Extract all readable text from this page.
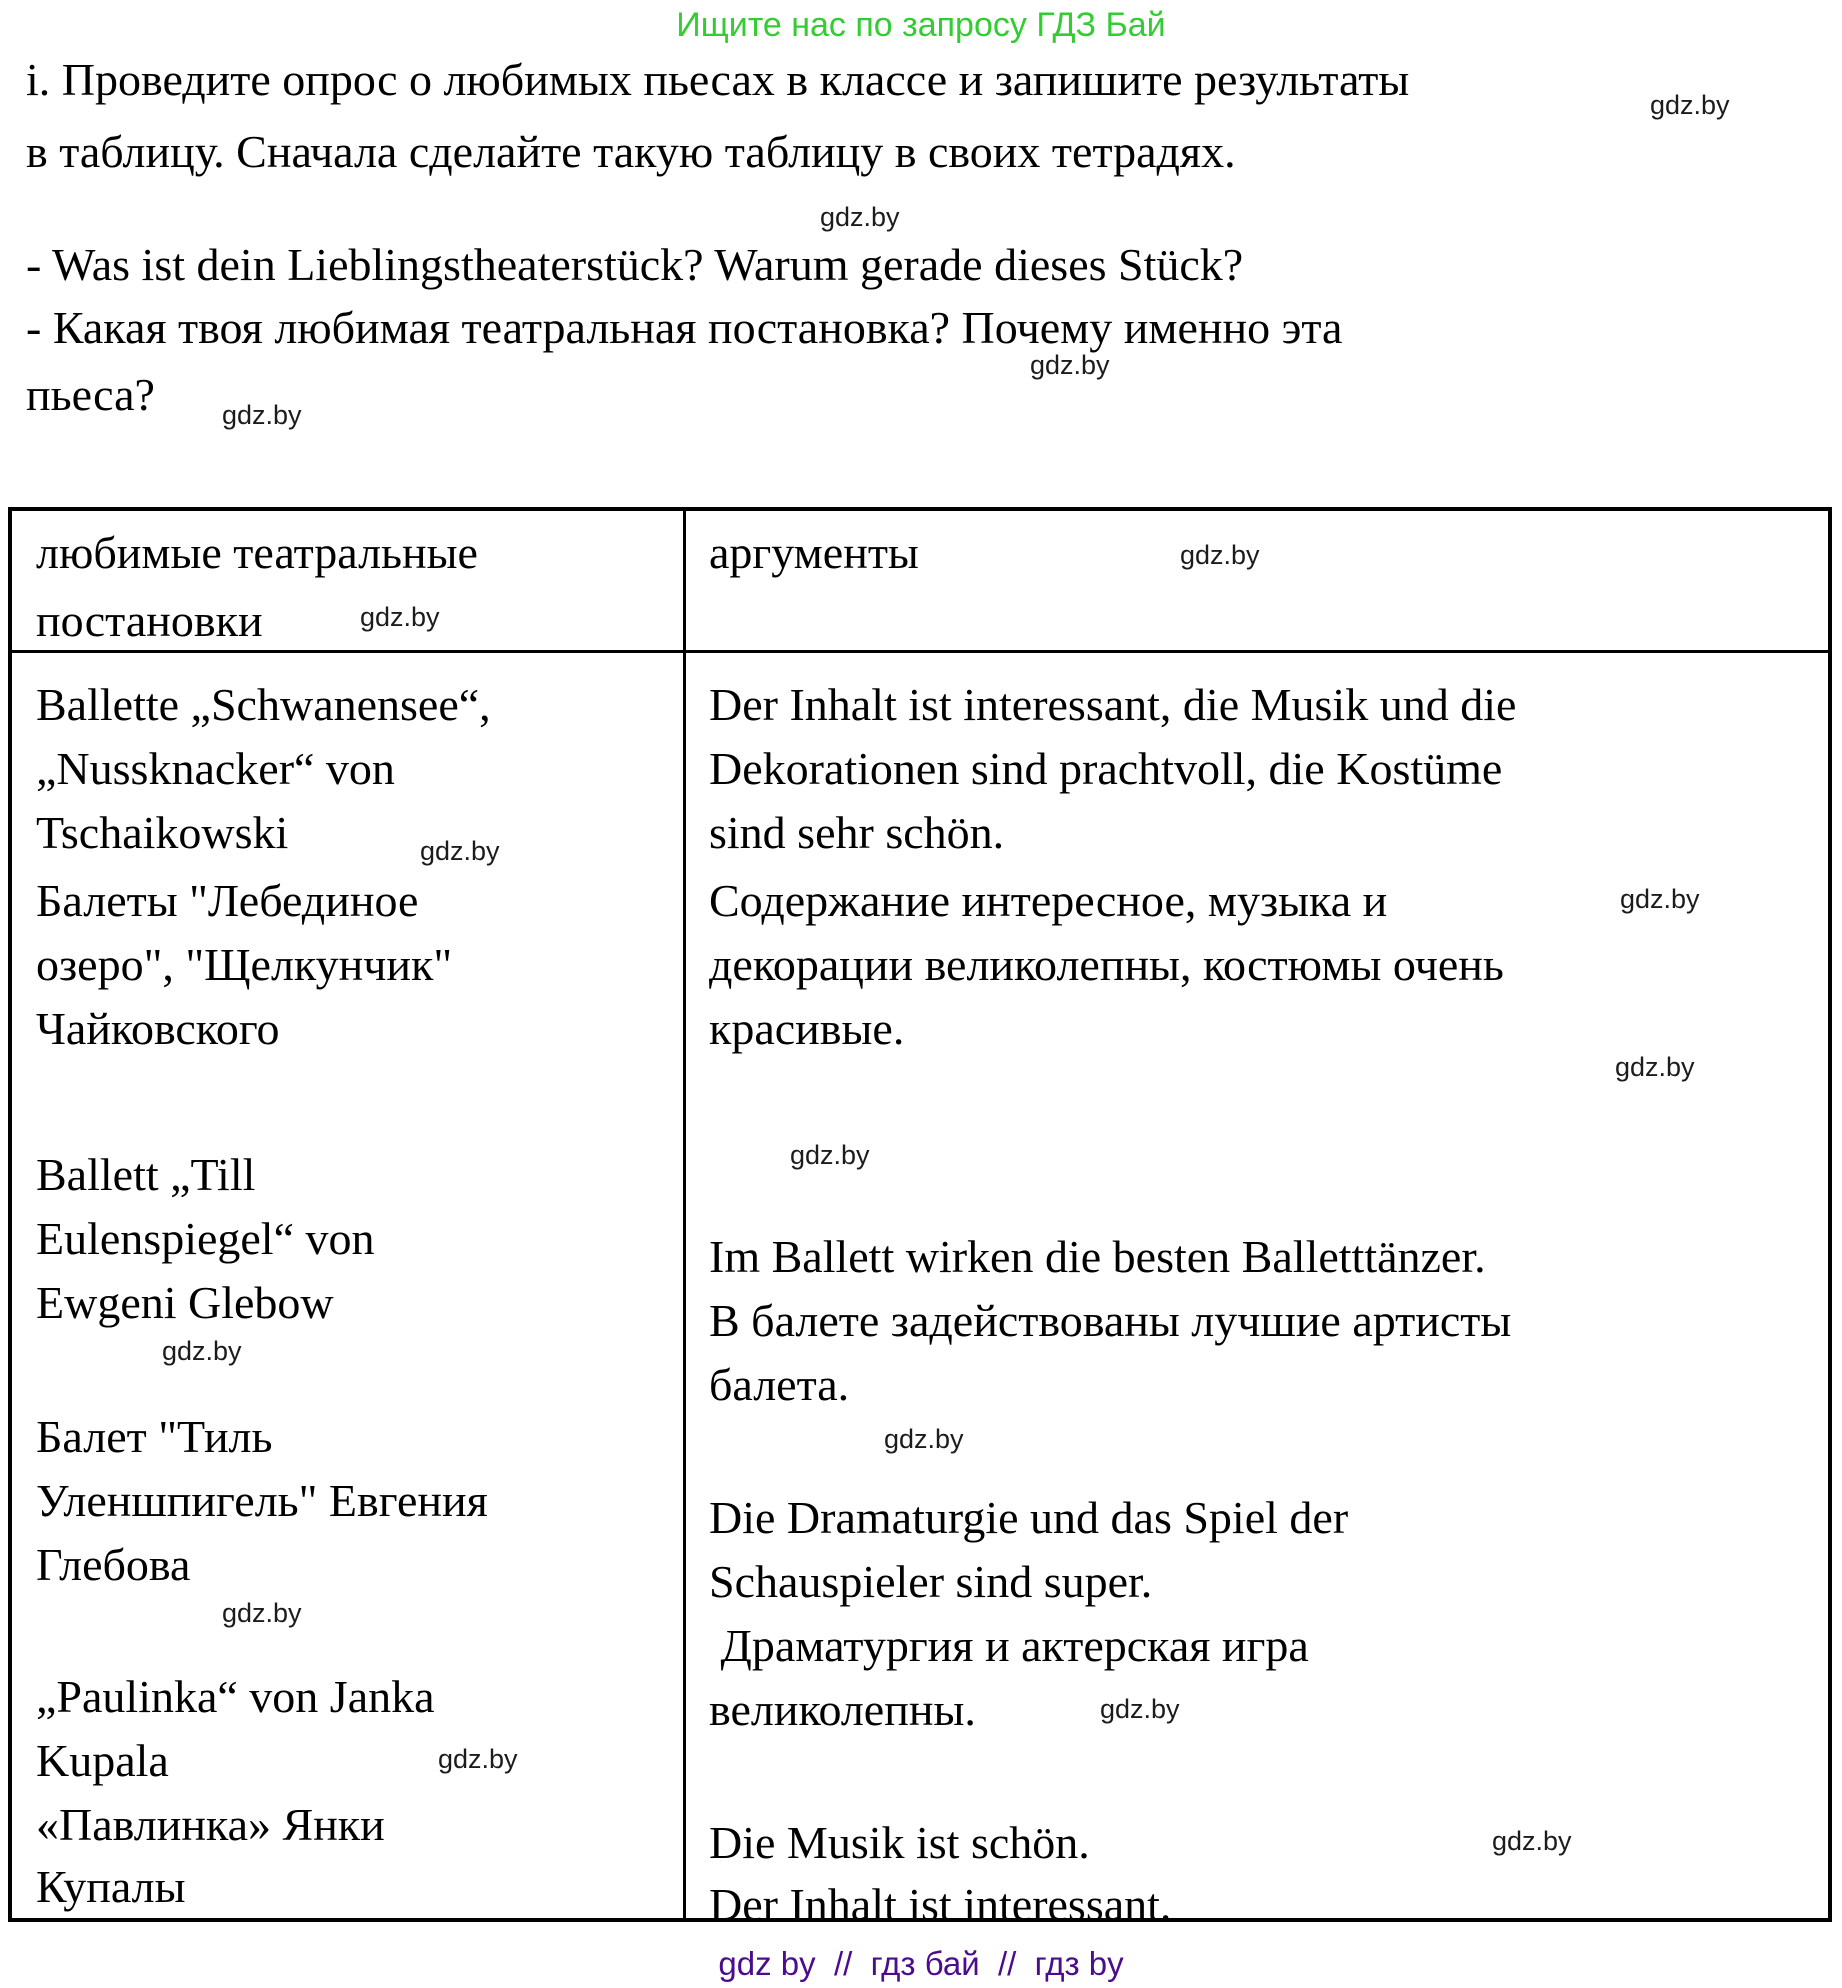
Ищите нас по запросу ГДЗ Бай
i. Проведите опрос о любимых пьесах в классе и запишите результаты
в таблицу. Сначала сделайте такую таблицу в своих тетрадях.
- Was ist dein Lieblingstheaterstück? Warum gerade dieses Stück?
- Какая твоя любимая театральная постановка? Почему именно эта
пьеса?
любимые театральные
постановки
аргументы
Ballette „Schwanensee“,
„Nussknacker“ von
Tschaikowski
Балеты "Лебединое
озеро", "Щелкунчик"
Чайковского
Ballett „Till
Eulenspiegel“ von
Ewgeni Glebow
Балет "Тиль
Уленшпигель" Евгения
Глебова
„Paulinka“ von Janka
Kupala
«Павлинка» Янки
Купалы
Der Inhalt ist interessant, die Musik und die
Dekorationen sind prachtvoll, die Kostüme
sind sehr schön.
Содержание интересное, музыка и
декорации великолепны, костюмы очень
красивые.
Im Ballett wirken die besten Balletttänzer.
В балете задействованы лучшие артисты
балета.
Die Dramaturgie und das Spiel der
Schauspieler sind super.
Драматургия и актерская игра
великолепны.
Die Musik ist schön.
Der Inhalt ist interessant.
gdz.by
gdz.by
gdz.by
gdz.by
gdz.by
gdz.by
gdz.by
gdz.by
gdz.by
gdz.by
gdz.by
gdz.by
gdz.by
gdz.by
gdz.by
gdz.by
gdz by  //  гдз бай  //  гдз by
